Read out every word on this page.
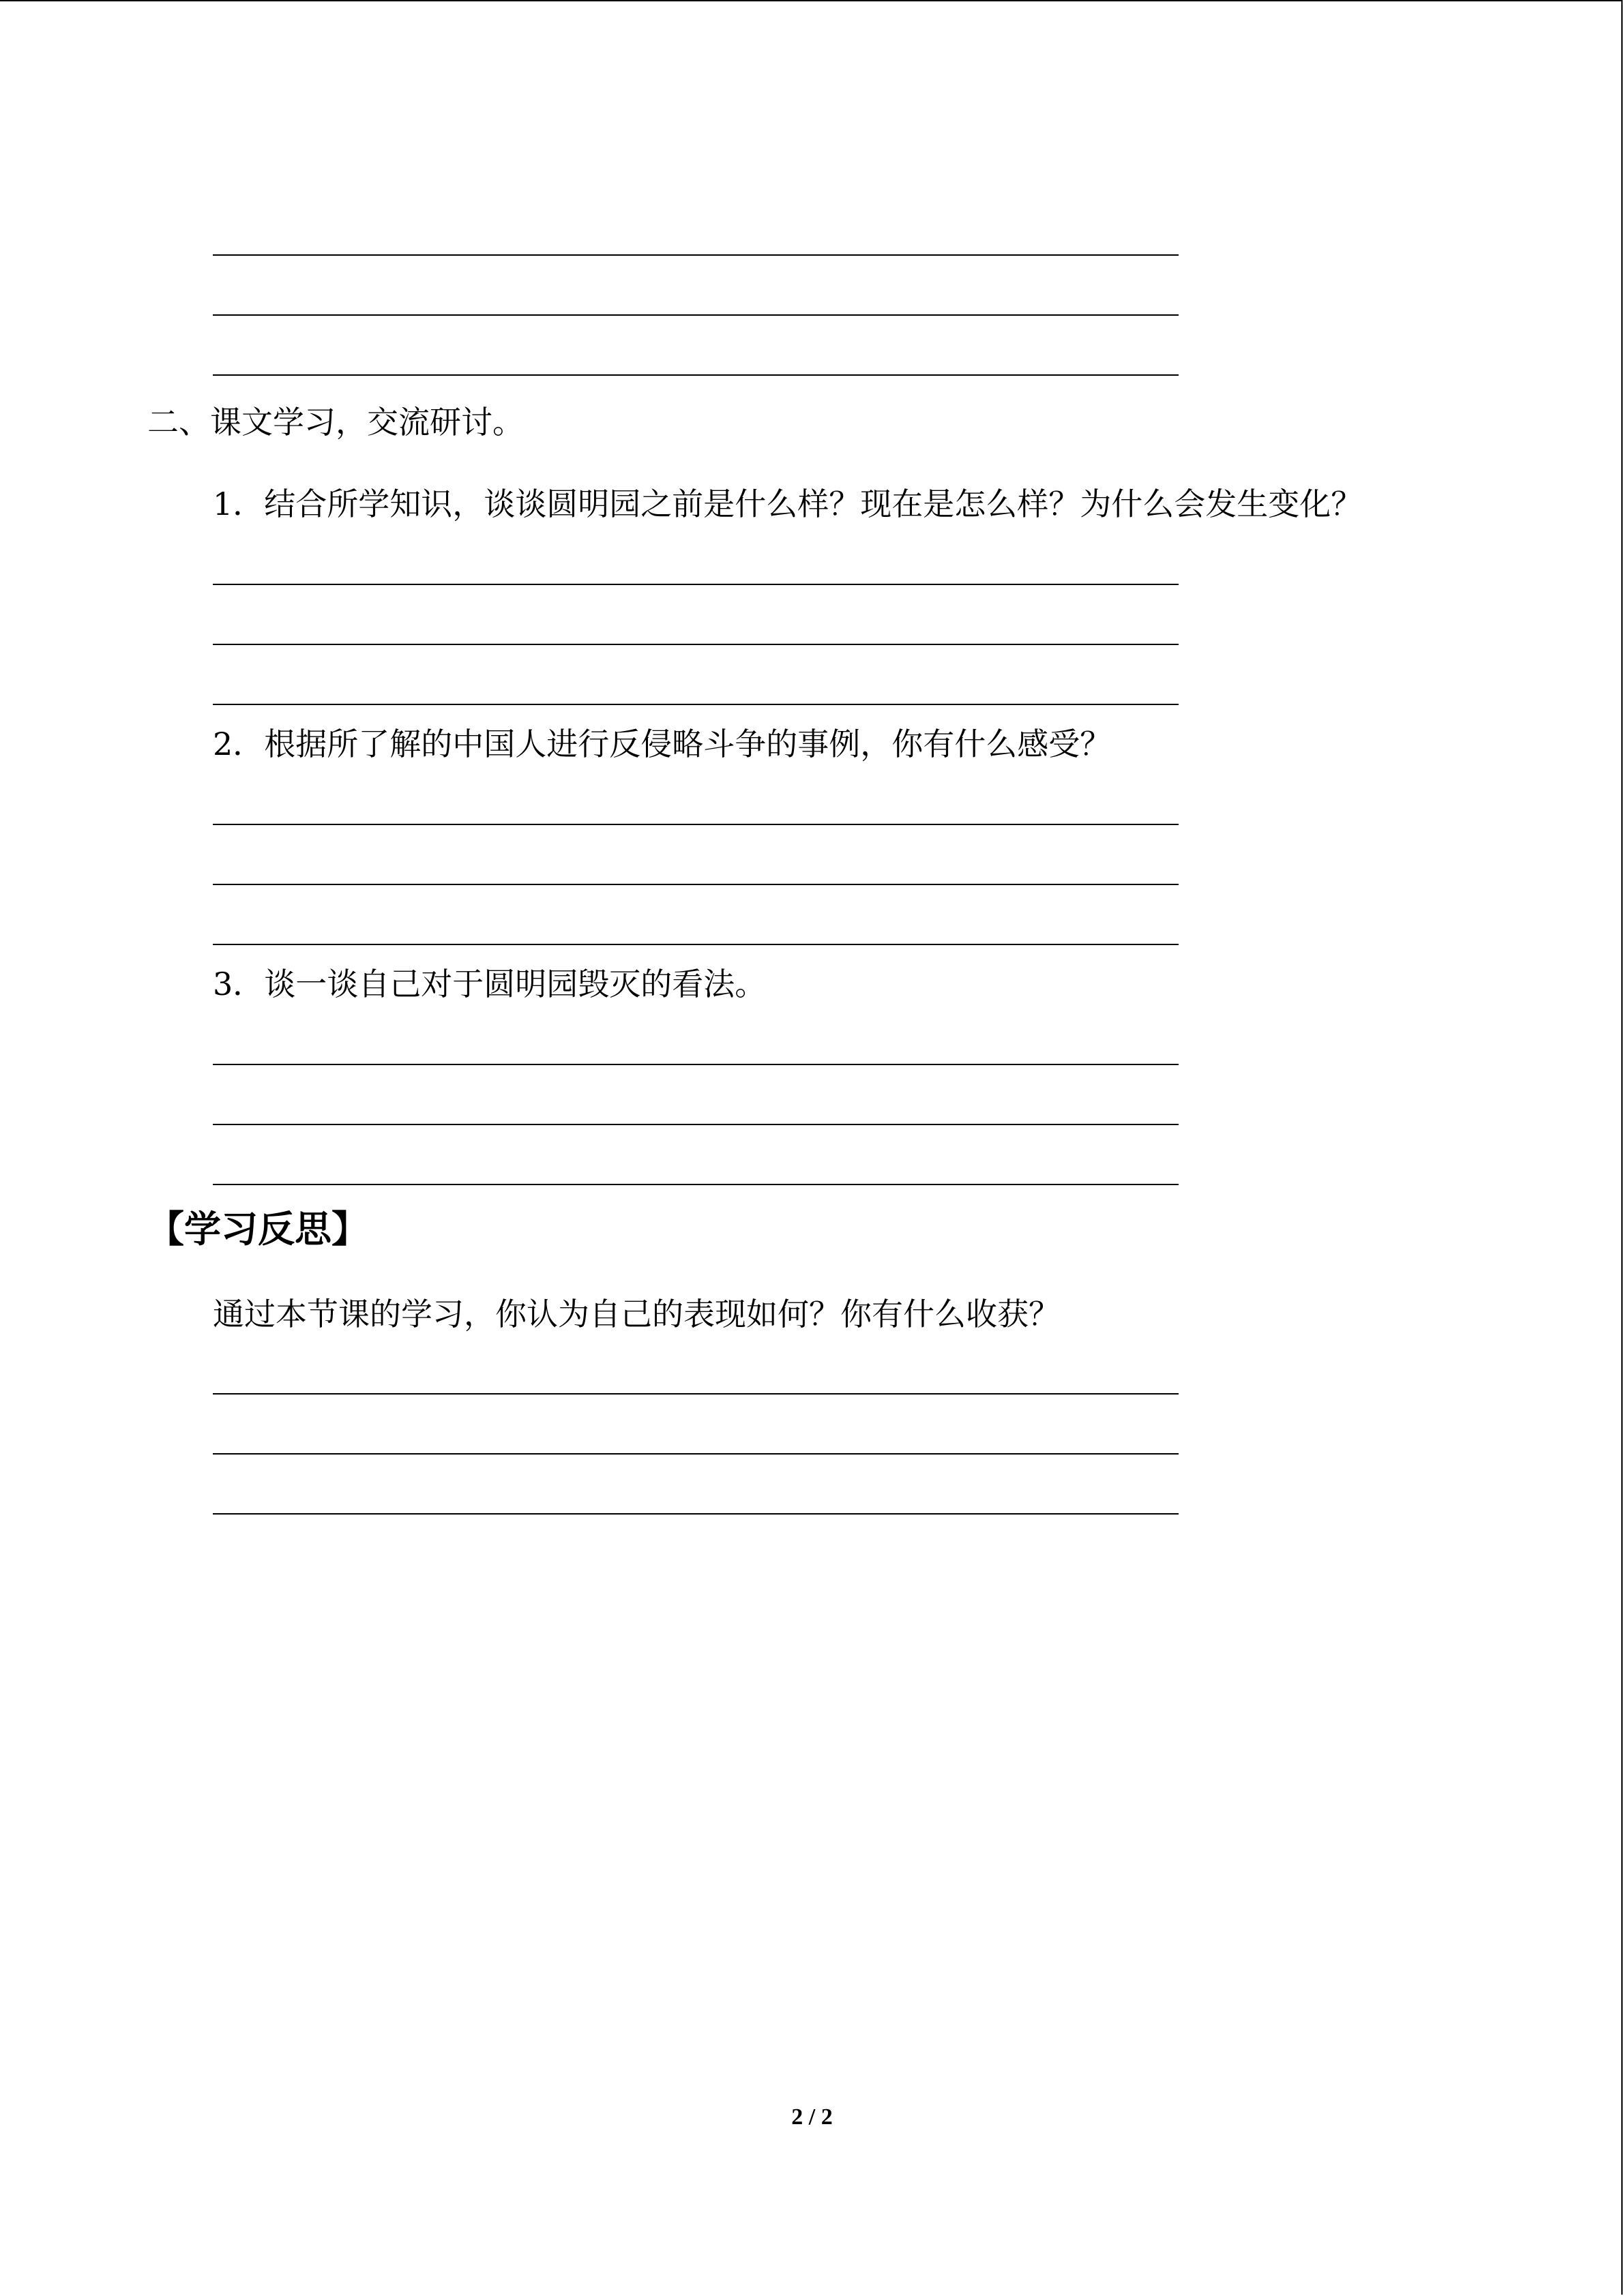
二、课文学习，交流研讨。
1．结合所学知识，谈谈圆明园之前是什么样？现在是怎么样？为什么会发生变化？
2．根据所了解的中国人进行反侵略斗争的事例，你有什么感受？
3．谈一谈自己对于圆明园毁灭的看法。
【学习反思】
通过本节课的学习，你认为自己的表现如何？你有什么收获？
2 / 2
